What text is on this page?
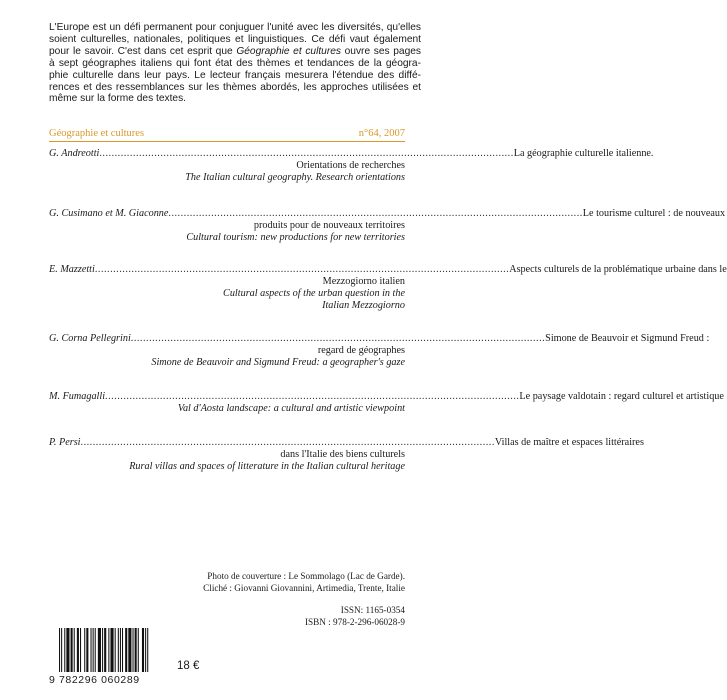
L'Europe est un défi permanent pour conjuguer l'unité avec les diversités, qu'elles
soient culturelles, nationales, politiques et linguistiques. Ce défi vaut également
pour le savoir. C'est dans cet esprit que Géographie et cultures ouvre ses pages
à sept géographes italiens qui font état des thèmes et tendances de la géogra-
phie culturelle dans leur pays. Le lecteur français mesurera l'étendue des diffé-
rences et des ressemblances sur les thèmes abordés, les approches utilisées et
même sur la forme des textes.

Géographie et cultures	n°64, 2007
G. Andreotti ........................................................................................................................................ La géographie culturelle italienne.
Orientations de recherches
The Italian cultural geography. Research orientations
G. Cusimano et M. Giaconne ........................................................................................................................................ Le tourisme culturel : de nouveaux
produits pour de nouveaux territoires
Cultural tourism: new productions for new territories
E. Mazzetti ........................................................................................................................................ Aspects culturels de la problématique urbaine dans le
Mezzogiorno italien
Cultural aspects of the urban question in the
Italian Mezzogiorno
G. Corna Pellegrini ........................................................................................................................................ Simone de Beauvoir et Sigmund Freud :
regard de géographes
Simone de Beauvoir and Sigmund Freud: a geographer's gaze
M. Fumagalli ........................................................................................................................................ Le paysage valdotain : regard culturel et artistique
Val d'Aosta landscape: a cultural and artistic viewpoint
P. Persi ........................................................................................................................................ Villas de maître et espaces littéraires
dans l'Italie des biens culturels
Rural villas and spaces of litterature in the Italian cultural heritage
Photo de couverture : Le Sommolago (Lac de Garde).
Cliché : Giovanni Giovannini, Artimedia, Trente, Italie
ISSN: 1165-0354
ISBN : 978-2-296-06028-9
9 782296 060289
18 €
